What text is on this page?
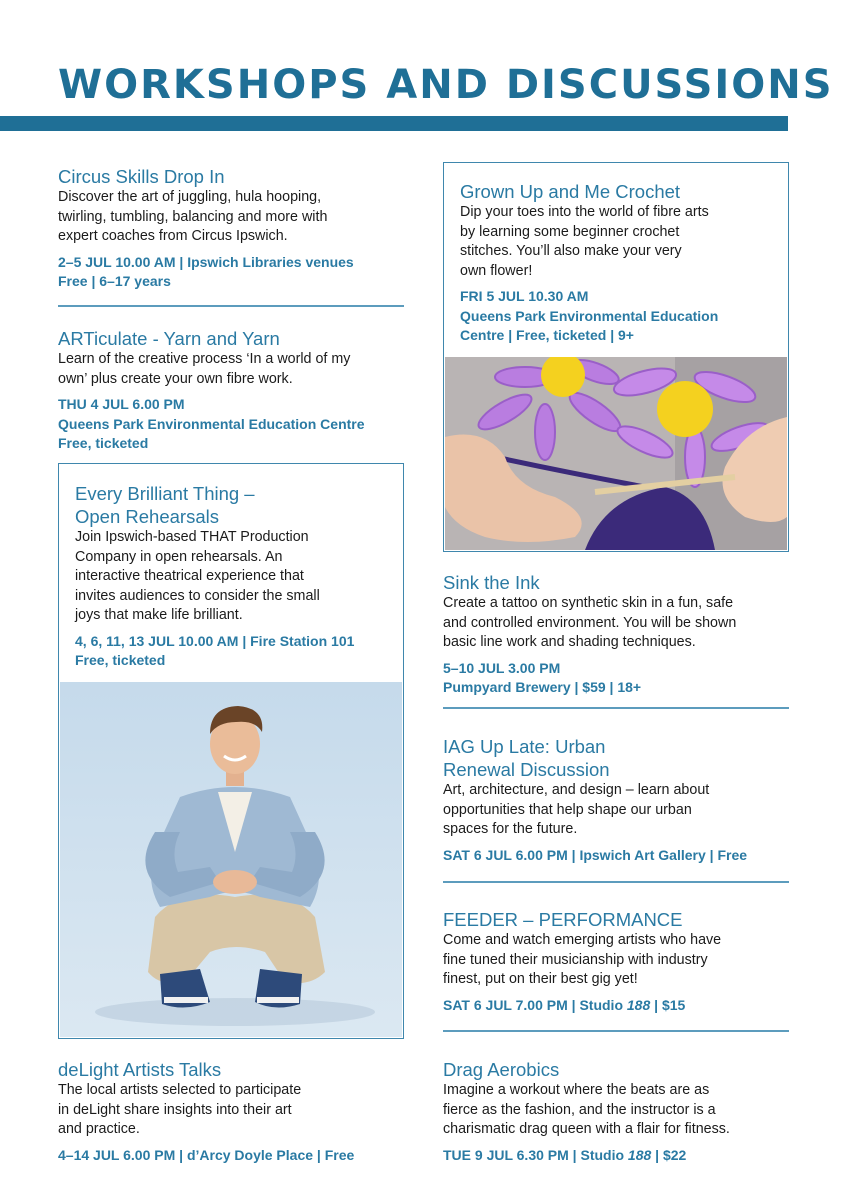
WORKSHOPS AND DISCUSSIONS
Circus Skills Drop In

Discover the art of juggling, hula hooping,
twirling, tumbling, balancing and more with
expert coaches from Circus Ipswich.

2–5 JUL 10.00 AM | Ipswich Libraries venues
Free | 6–17 years
ARTiculate - Yarn and Yarn

Learn of the creative process ‘In a world of my
own’ plus create your own fibre work.

THU 4 JUL 6.00 PM
Queens Park Environmental Education Centre
Free, ticketed
Every Brilliant Thing –
Open Rehearsals

Join Ipswich-based THAT Production
Company in open rehearsals. An
interactive theatrical experience that
invites audiences to consider the small
joys that make life brilliant.

4, 6, 11, 13 JUL 10.00 AM | Fire Station 101
Free, ticketed
deLight Artists Talks

The local artists selected to participate
in deLight share insights into their art
and practice.

4–14 JUL 6.00 PM | d’Arcy Doyle Place | Free
Grown Up and Me Crochet

Dip your toes into the world of fibre arts
by learning some beginner crochet
stitches. You’ll also make your very
own flower!

FRI 5 JUL 10.30 AM
Queens Park Environmental Education
Centre | Free, ticketed | 9+
Sink the Ink

Create a tattoo on synthetic skin in a fun, safe
and controlled environment. You will be shown
basic line work and shading techniques.

5–10 JUL 3.00 PM
Pumpyard Brewery | $59 | 18+
IAG Up Late: Urban
Renewal Discussion

Art, architecture, and design – learn about
opportunities that help shape our urban
spaces for the future.

SAT 6 JUL 6.00 PM | Ipswich Art Gallery | Free
FEEDER – PERFORMANCE

Come and watch emerging artists who have
fine tuned their musicianship with industry
finest, put on their best gig yet!

SAT 6 JUL 7.00 PM | Studio 188 | $15
Drag Aerobics

Imagine a workout where the beats are as
fierce as the fashion, and the instructor is a
charismatic drag queen with a flair for fitness.

TUE 9 JUL 6.30 PM | Studio 188 | $22
